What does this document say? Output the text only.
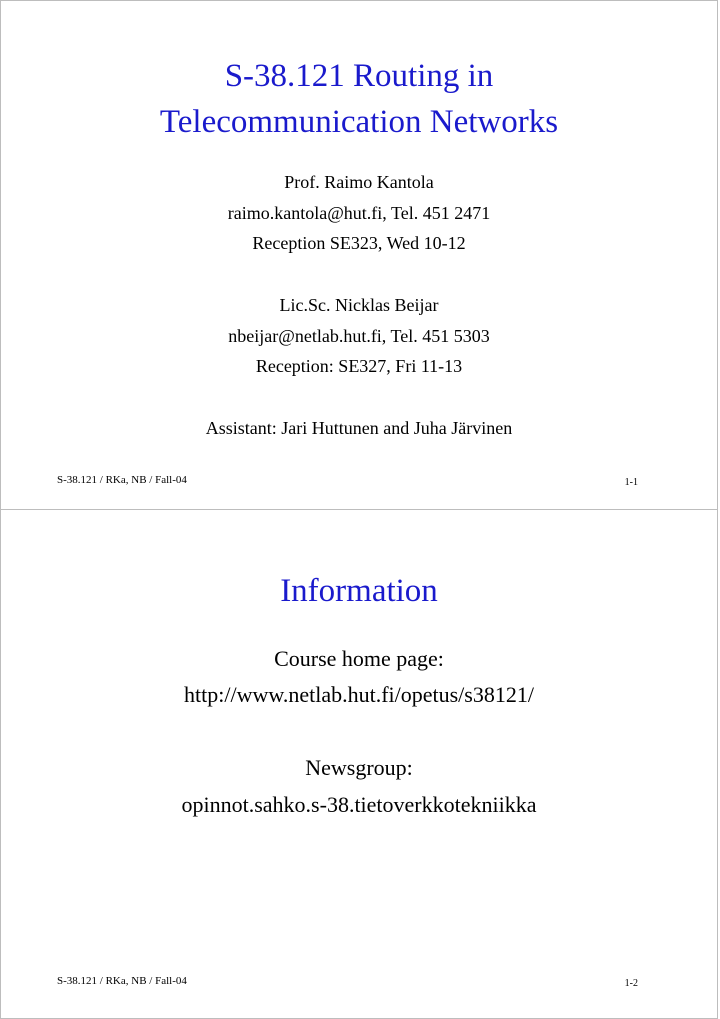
S-38.121 Routing in
Telecommunication Networks
Prof. Raimo Kantola
raimo.kantola@hut.fi, Tel. 451 2471
Reception SE323, Wed 10-12
Lic.Sc. Nicklas Beijar
nbeijar@netlab.hut.fi, Tel. 451 5303
Reception: SE327, Fri 11-13
Assistant: Jari Huttunen and Juha Järvinen
S-38.121 / RKa, NB / Fall-04	1-1
Information
Course home page:
http://www.netlab.hut.fi/opetus/s38121/
Newsgroup:
opinnot.sahko.s-38.tietoverkkotekniikka
S-38.121 / RKa, NB / Fall-04	1-2
